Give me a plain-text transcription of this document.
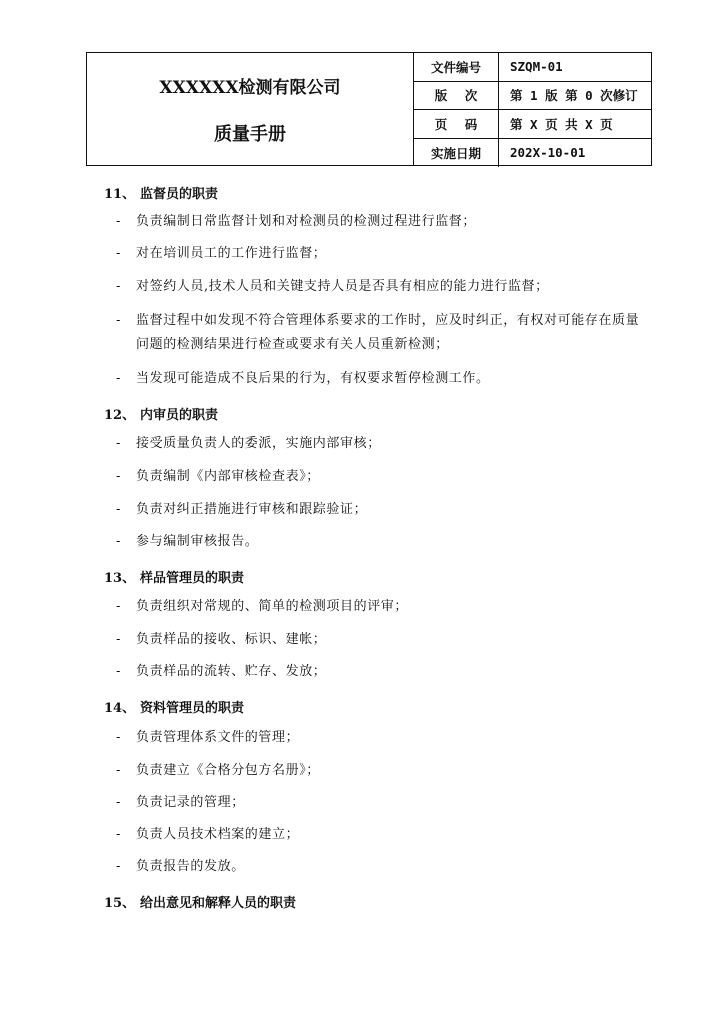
XXXXXX检测有限公司
质量手册
文件编号	SZQM-01
版    次	第 1 版 第 0 次修订
页    码	第 X 页 共 X 页
实施日期	202X-10-01
11、 监督员的职责
- 负责编制日常监督计划和对检测员的检测过程进行监督；
- 对在培训员工的工作进行监督；
- 对签约人员,技术人员和关键支持人员是否具有相应的能力进行监督；
- 监督过程中如发现不符合管理体系要求的工作时，应及时纠正，有权对可能存在质量问题的检测结果进行检查或要求有关人员重新检测；
- 当发现可能造成不良后果的行为，有权要求暂停检测工作。
12、 内审员的职责
- 接受质量负责人的委派，实施内部审核；
- 负责编制《内部审核检查表》；
- 负责对纠正措施进行审核和跟踪验证；
- 参与编制审核报告。
13、 样品管理员的职责
- 负责组织对常规的、简单的检测项目的评审；
- 负责样品的接收、标识、建帐；
- 负责样品的流转、贮存、发放；
14、 资料管理员的职责
- 负责管理体系文件的管理；
- 负责建立《合格分包方名册》；
- 负责记录的管理；
- 负责人员技术档案的建立；
- 负责报告的发放。
15、 给出意见和解释人员的职责
